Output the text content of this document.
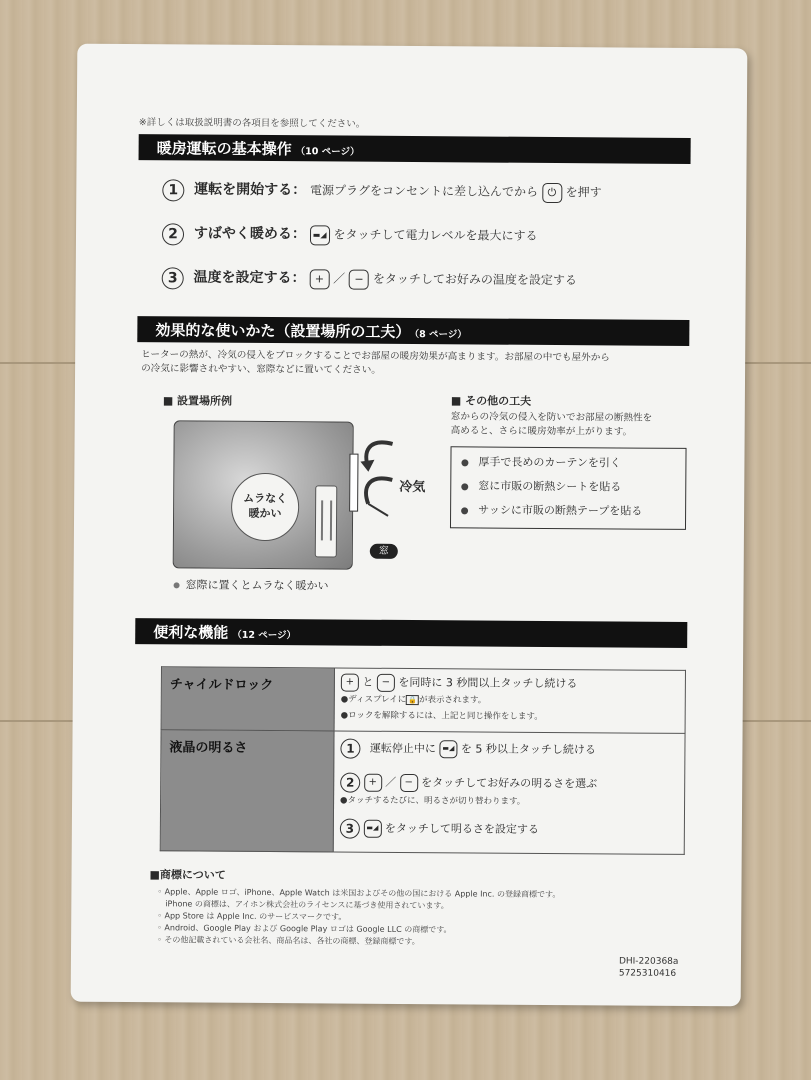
※詳しくは取扱説明書の各項目を参照してください。
暖房運転の基本操作 （10 ページ）
1 運転を開始する： 電源プラグをコンセントに差し込んでから ⏻ を押す
2 すばやく暖める： ▬◢ をタッチして電力レベルを最大にする
3 温度を設定する： + ／ − をタッチしてお好みの温度を設定する
効果的な使いかた（設置場所の工夫） （8 ページ）
ヒーターの熱が、冷気の侵入をブロックすることでお部屋の暖房効果が高まります。お部屋の中でも屋外から
の冷気に影響されやすい、窓際などに置いてください。
■ 設置場所例
ムラなく
暖かい
冷気
窓
窓際に置くとムラなく暖かい
■ その他の工夫
窓からの冷気の侵入を防いでお部屋の断熱性を
高めると、さらに暖房効率が上がります。
厚手で長めのカーテンを引く
窓に市販の断熱シートを貼る
サッシに市販の断熱テープを貼る
便利な機能 （12 ページ）
チャイルドロック	+ と − を同時に 3 秒間以上タッチし続ける
●ディスプレイに 🔒 が表示されます。
●ロックを解除するには、上記と同じ操作をします。

液晶の明るさ	1 運転停止中に ▬◢ を 5 秒以上タッチし続ける
2 + ／ − をタッチしてお好みの明るさを選ぶ
●タッチするたびに、明るさが切り替わります。
3 ▬◢ をタッチして明るさを設定する
■商標について
◦ Apple、Apple ロゴ、iPhone、Apple Watch は米国およびその他の国における Apple Inc. の登録商標です。
　iPhone の商標は、アイホン株式会社のライセンスに基づき使用されています。
◦ App Store は Apple Inc. のサービスマークです。
◦ Android、Google Play および Google Play ロゴは Google LLC の商標です。
◦ その他記載されている会社名、商品名は、各社の商標、登録商標です。
DHI-220368a
5725310416
